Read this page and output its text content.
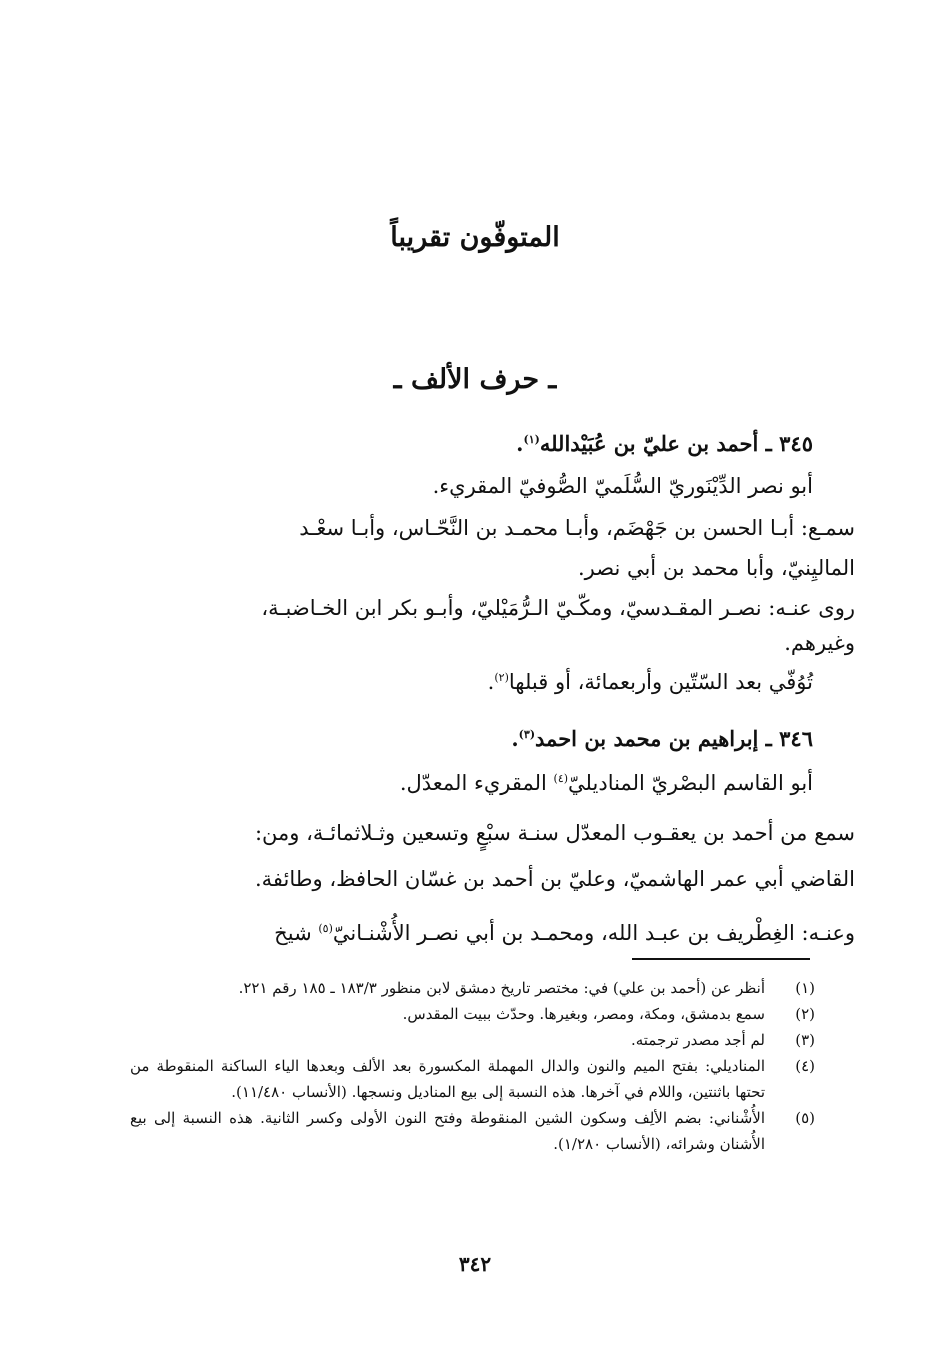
المتوفّون تقريباً
ـ حرف الألف ـ
٣٤٥ ـ أحمد بن عليّ بن عُبَيْدالله$^{(١)}$.
أبو نصر الدِّيْنَوريّ السُّلَميّ الصُّوفيّ المقريء.
سمـع: أبـا الحسن بن جَهْضَم، وأبـا محمـد بن النَّحّـاس، وأبـا سعْـد
الماليِنيّ، وأبا محمد بن أبي نصر.
روى عنـه: نصـر المقـدسيّ، ومكّـيّ الـرُّمَيْليّ، وأبـو بكر ابن الخـاضبـة،
وغيرهم.
تُوُفّي بعد السّتّين وأربعمائة، أو قبلها$^{(٢)}$.
٣٤٦ ـ إبراهيم بن محمد بن احمد$^{(٣)}$.
أبو القاسم البصْريّ المناديليّ$^{(٤)}$ المقريء المعدّل.
سمع من أحمد بن يعقـوب المعدّل سنـة سبْعٍ وتسعين وثـلاثمائـة، ومن:
القاضي أبي عمر الهاشميّ، وعليّ بن أحمد بن غسّان الحافظ، وطائفة.
وعنـه: الغِطْريف بن عبـد الله، ومحمـد بن أبي نصـر الأُشْنـانيّ$^{(٥)}$ شيخ
(١)
أنظر عن (أحمد بن علي) في: مختصر تاريخ دمشق لابن منظور ١٨٣/٣ ـ ١٨٥ رقم ٢٢١.
(٢)
سمع بدمشق، ومكة، ومصر، وبغيرها. وحدّث ببيت المقدس.
(٣)
لم أجد مصدر ترجمته.
(٤)
المناديلي: بفتح الميم والنون والدال المهملة المكسورة بعد الألف وبعدها الياء الساكنة المنقوطة من تحتها باثنتين، واللام في آخرها. هذه النسبة إلى بيع المناديل ونسجها. (الأنساب ١١/٤٨٠).
(٥)
الأُشْناني: بضم الألِف وسكون الشين المنقوطة وفتح النون الأولى وكسر الثانية. هذه النسبة إلى بيع الأُشنان وشرائه، (الأنساب ١/٢٨٠).
٣٤٢
